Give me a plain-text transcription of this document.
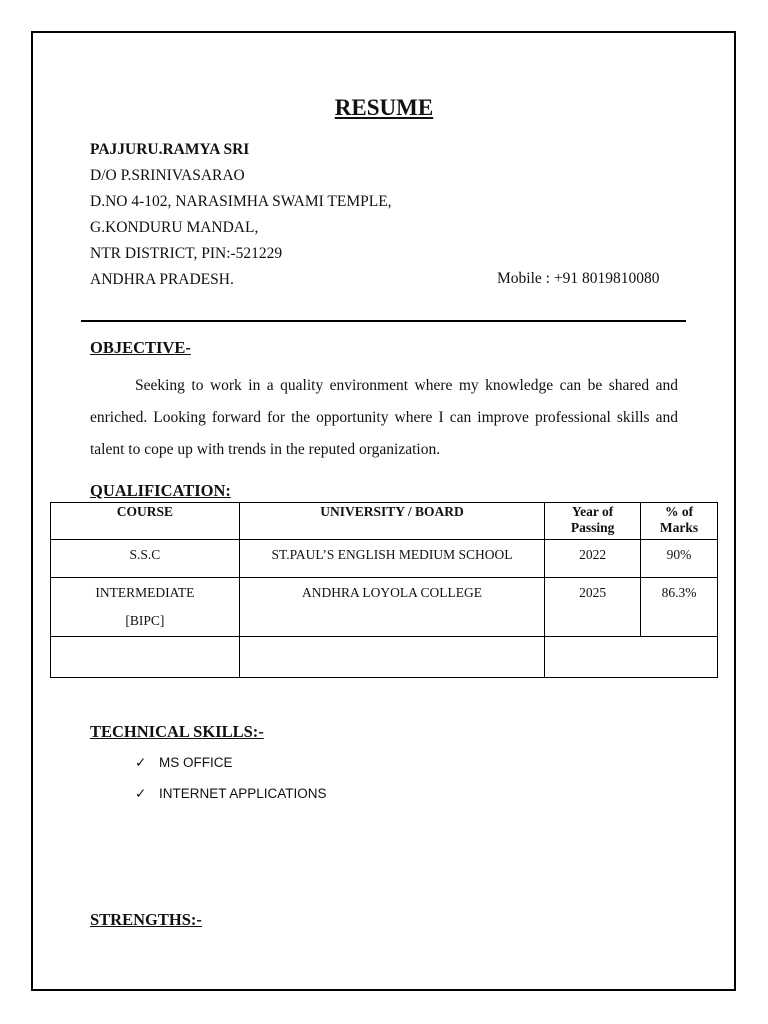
RESUME
PAJJURU.RAMYA SRI
D/O P.SRINIVASARAO
D.NO 4-102, NARASIMHA SWAMI TEMPLE,
G.KONDURU MANDAL,
NTR DISTRICT, PIN:-521229
ANDHRA PRADESH.	Mobile : +91 8019810080
OBJECTIVE-
Seeking to work in a quality environment where my knowledge can be shared and enriched. Looking forward for the opportunity where I can improve professional skills and talent to cope up with trends in the reputed organization.
QUALIFICATION:
COURSE	UNIVERSITY / BOARD	Year of Passing	% of Marks
S.S.C	ST.PAUL’S ENGLISH MEDIUM SCHOOL	2022	90%

INTERMEDIATE
[BIPC]	ANDHRA LOYOLA COLLEGE	2025	86.3%

TECHNICAL SKILLS:-
✓ MS OFFICE
✓ INTERNET APPLICATIONS
STRENGTHS:-
